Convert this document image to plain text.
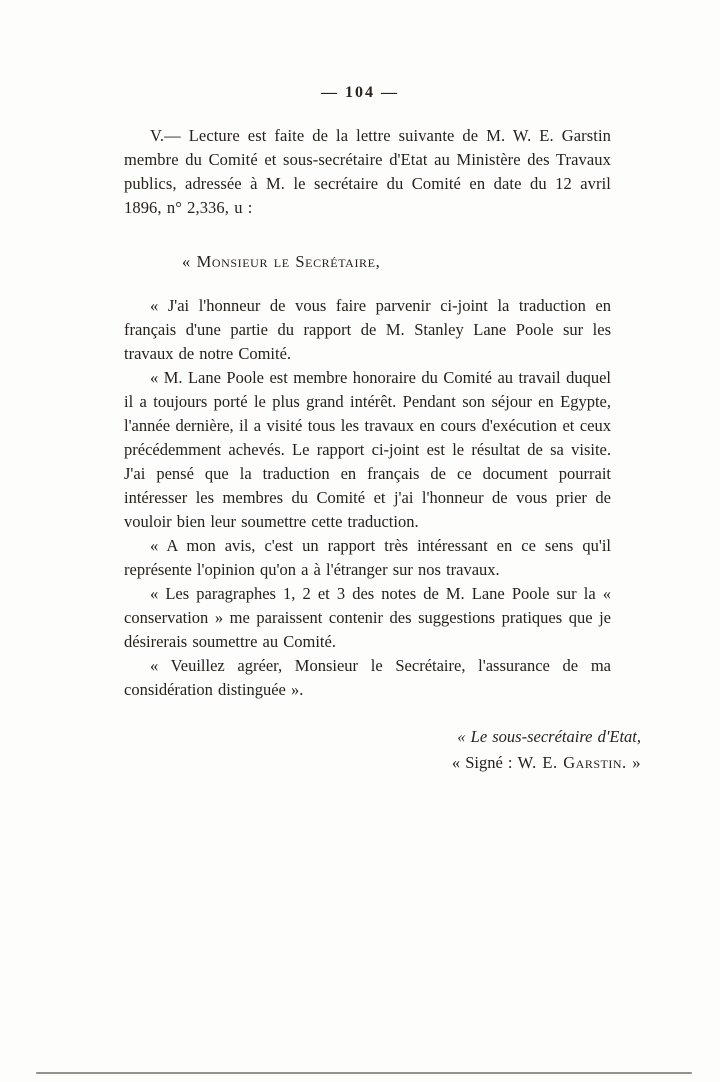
— 104 —

V.— Lecture est faite de la lettre suivante de M. W. E. Garstin membre du Comité et sous-secrétaire d'Etat au Ministère des Travaux publics, adressée à M. le secrétaire du Comité en date du 12 avril 1896, n° 2,336, u :

« Monsieur le Secrétaire,

« J'ai l'honneur de vous faire parvenir ci-joint la traduction en français d'une partie du rapport de M. Stanley Lane Poole sur les travaux de notre Comité.

« M. Lane Poole est membre honoraire du Comité au travail duquel il a toujours porté le plus grand intérêt. Pendant son séjour en Egypte, l'année dernière, il a visité tous les travaux en cours d'exécution et ceux précédemment achevés. Le rapport ci-joint est le résultat de sa visite. J'ai pensé que la traduction en français de ce document pourrait intéresser les membres du Comité et j'ai l'honneur de vous prier de vouloir bien leur soumettre cette traduction.

« A mon avis, c'est un rapport très intéressant en ce sens qu'il représente l'opinion qu'on a à l'étranger sur nos travaux.

« Les paragraphes 1, 2 et 3 des notes de M. Lane Poole sur la « conservation » me paraissent contenir des suggestions pratiques que je désirerais soumettre au Comité.

« Veuillez agréer, Monsieur le Secrétaire, l'assurance de ma considération distinguée ».

« Le sous-secrétaire d'Etat,
« Signé : W. E. Garstin. »
